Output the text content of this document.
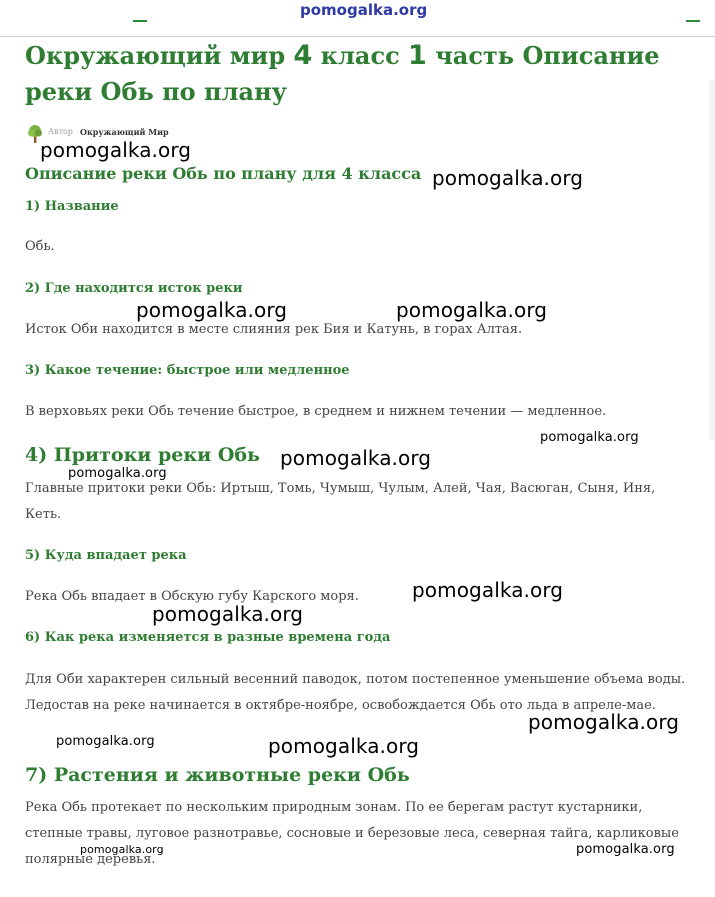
pomogalka.org
Окружающий мир 4 класс 1 часть Описание реки Обь по плану
Автор Окружающий Мир
Описание реки Обь по плану для 4 класса
1) Название
Обь.
2) Где находится исток реки
Исток Оби находится в месте слияния рек Бия и Катунь, в горах Алтая.
3) Какое течение: быстрое или медленное
В верховьях реки Обь течение быстрое, в среднем и нижнем течении — медленное.
4) Притоки реки Обь
Главные притоки реки Обь: Иртыш, Томь, Чумыш, Чулым, Алей, Чая, Васюган, Сыня, Иня, Кеть.
5) Куда впадает река
Река Обь впадает в Обскую губу Карского моря.
6) Как река изменяется в разные времена года
Для Оби характерен сильный весенний паводок, потом постепенное уменьшение объема воды. Ледостав на реке начинается в октябре-ноябре, освобождается Обь ото льда в апреле-мае.
7) Растения и животные реки Обь
Река Обь протекает по нескольким природным зонам. По ее берегам растут кустарники, степные травы, луговое разнотравье, сосновые и березовые леса, северная тайга, карликовые полярные деревья.
pomogalka.org
pomogalka.org
pomogalka.org	pomogalka.org
pomogalka.org
pomogalka.org
pomogalka.org
pomogalka.org
pomogalka.org
pomogalka.org
pomogalka.org	pomogalka.org
pomogalka.org
pomogalka.org
